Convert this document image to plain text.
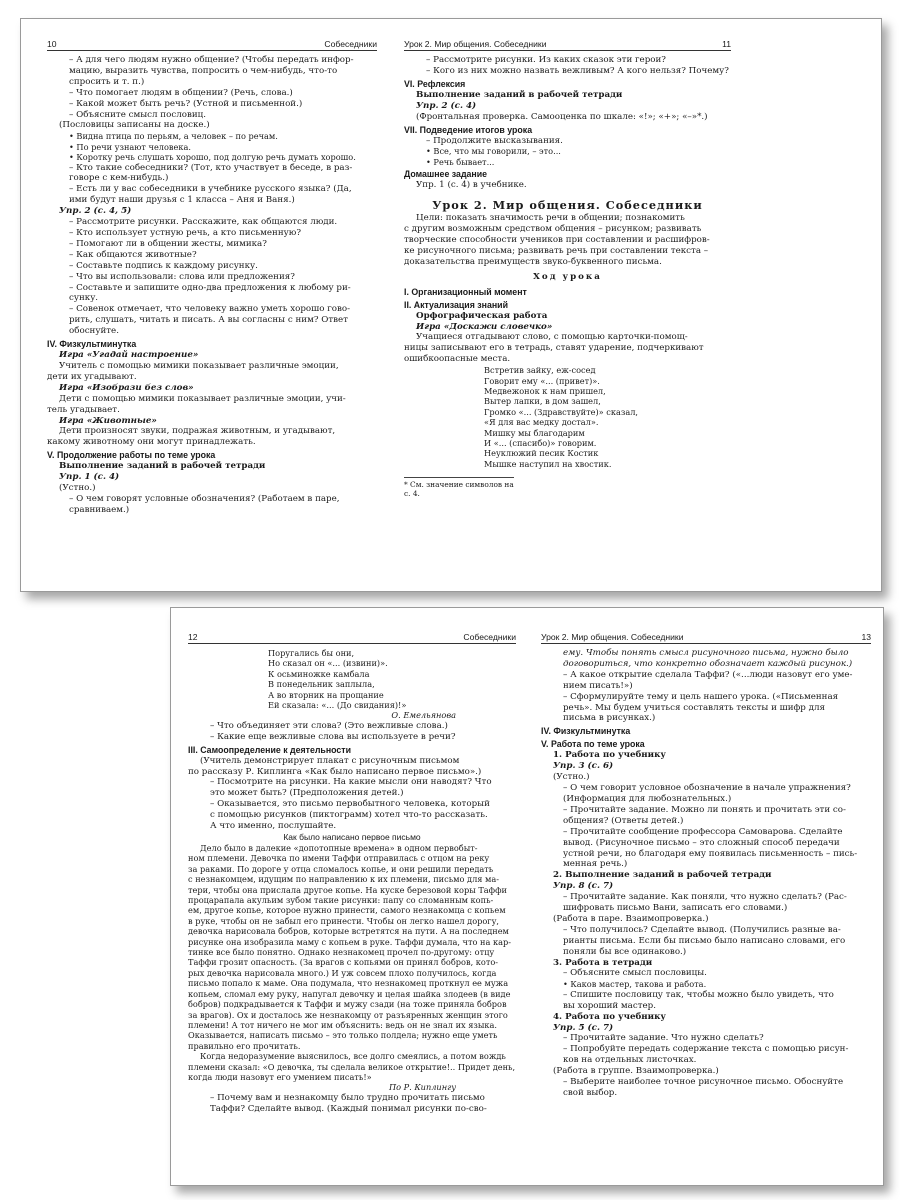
10	Собеседники
– А для чего людям нужно общение? (Чтобы передать инфор-
мацию, выразить чувства, попросить о чем-нибудь, что-то
спросить и т. п.)
– Что помогает людям в общении? (Речь, слова.)
– Какой может быть речь? (Устной и письменной.)
– Объясните смысл пословиц.
(Пословицы записаны на доске.)
• Видна птица по перьям, а человек – по речам.
• По речи узнают человека.
• Коротку речь слушать хорошо, под долгую речь думать хорошо.
– Кто такие собеседники? (Тот, кто участвует в беседе, в раз-
говоре с кем-нибудь.)
– Есть ли у вас собеседники в учебнике русского языка? (Да,
ими будут наши друзья с 1 класса – Аня и Ваня.)
Упр. 2 (с. 4, 5)
– Рассмотрите рисунки. Расскажите, как общаются люди.
– Кто использует устную речь, а кто письменную?
– Помогают ли в общении жесты, мимика?
– Как общаются животные?
– Составьте подпись к каждому рисунку.
– Что вы использовали: слова или предложения?
– Составьте и запишите одно-два предложения к любому ри-
сунку.
– Совенок отмечает, что человеку важно уметь хорошо гово-
рить, слушать, читать и писать. А вы согласны с ним? Ответ
обоснуйте.
IV. Физкультминутка
Игра «Угадай настроение»
Учитель с помощью мимики показывает различные эмоции,
дети их угадывают.
Игра «Изобрази без слов»
Дети с помощью мимики показывает различные эмоции, учи-
тель угадывает.
Игра «Животные»
Дети произносят звуки, подражая животным, и угадывают,
какому животному они могут принадлежать.
V. Продолжение работы по теме урока
Выполнение заданий в рабочей тетради
Упр. 1 (с. 4)
(Устно.)
– О чем говорят условные обозначения? (Работаем в паре,
сравниваем.)
Урок 2. Мир общения. Собеседники	11
– Рассмотрите рисунки. Из каких сказок эти герои?
– Кого из них можно назвать вежливым? А кого нельзя? Почему?
VI. Рефлексия
Выполнение заданий в рабочей тетради
Упр. 2 (с. 4)
(Фронтальная проверка. Самооценка по шкале: «!»; «+»; «–»*.)
VII. Подведение итогов урока
– Продолжите высказывания.
• Все, что мы говорили, – это...
• Речь бывает...
Домашнее задание
Упр. 1 (с. 4) в учебнике.
Урок 2. Мир общения. Собеседники
Цели: показать значимость речи в общении; познакомить
с другим возможным средством общения – рисунком; развивать
творческие способности учеников при составлении и расшифров-
ке рисуночного письма; развивать речь при составлении текста –
доказательства преимуществ звуко-буквенного письма.
Ход урока
I. Организационный момент
II. Актуализация знаний
Орфографическая работа
Игра «Доскажи словечко»
Учащиеся отгадывают слово, с помощью карточки-помощ-
ницы записывают его в тетрадь, ставят ударение, подчеркивают
ошибкоопасные места.
Встретив зайку, еж-сосед
Говорит ему «... (привет)».
Медвежонок к нам пришел,
Вытер лапки, в дом зашел,
Громко «... (Здравствуйте)» сказал,
«Я для вас медку достал».
Мишку мы благодарим
И «... (спасибо)» говорим.
Неуклюжий песик Костик
Мышке наступил на хвостик.
* См. значение символов на с. 4.
12	Собеседники
Поругались бы они,
Но сказал он «... (извини)».
К осьминожке камбала
В понедельник заплыла,
А во вторник на прощание
Ей сказала: «... (До свидания)!»
О. Емельянова
– Что объединяет эти слова? (Это вежливые слова.)
– Какие еще вежливые слова вы используете в речи?
III. Самоопределение к деятельности
(Учитель демонстрирует плакат с рисуночным письмом
по рассказу Р. Киплинга «Как было написано первое письмо».)
– Посмотрите на рисунки. На какие мысли они наводят? Что
это может быть? (Предположения детей.)
– Оказывается, это письмо первобытного человека, который
с помощью рисунков (пиктограмм) хотел что-то рассказать.
А что именно, послушайте.
Как было написано первое письмо
Дело было в далекие «допотопные времена» в одном первобыт-
ном племени. Девочка по имени Таффи отправилась с отцом на реку
за раками. По дороге у отца сломалось копье, и они решили передать
с незнакомцем, идущим по направлению к их племени, письмо для ма-
тери, чтобы она прислала другое копье. На куске березовой коры Таффи
процарапала акульим зубом такие рисунки: папу со сломанным копь-
ем, другое копье, которое нужно принести, самого незнакомца с копьем
в руке, чтобы он не забыл его принести. Чтобы он легко нашел дорогу,
девочка нарисовала бобров, которые встретятся на пути. А на последнем
рисунке она изобразила маму с копьем в руке. Таффи думала, что на кар-
тинке все было понятно. Однако незнакомец прочел по-другому: отцу
Таффи грозит опасность. (За врагов с копьями он принял бобров, кото-
рых девочка нарисовала много.) И уж совсем плохо получилось, когда
письмо попало к маме. Она подумала, что незнакомец проткнул ее мужа
копьем, сломал ему руку, напугал девочку и целая шайка злодеев (в виде
бобров) подкрадывается к Таффи и мужу сзади (на тоже приняла бобров
за врагов). Ох и досталось же незнакомцу от разъяренных женщин этого
племени! А тот ничего не мог им объяснить: ведь он не знал их языка.
Оказывается, написать письмо – это только полдела; нужно еще уметь
правильно его прочитать.
Когда недоразумение выяснилось, все долго смеялись, а потом вождь
племени сказал: «О девочка, ты сделала великое открытие!.. Придет день,
когда люди назовут его умением писать!»
По Р. Киплингу
– Почему вам и незнакомцу было трудно прочитать письмо
Таффи? Сделайте вывод. (Каждый понимал рисунки по-сво-
Урок 2. Мир общения. Собеседники	13
ему. Чтобы понять смысл рисуночного письма, нужно было
договориться, что конкретно обозначает каждый рисунок.)
– А какое открытие сделала Таффи? («...люди назовут его уме-
нием писать!»)
– Сформулируйте тему и цель нашего урока. («Письменная
речь». Мы будем учиться составлять тексты и шифр для
письма в рисунках.)
IV. Физкультминутка
V. Работа по теме урока
1. Работа по учебнику
Упр. 3 (с. 6)
(Устно.)
– О чем говорит условное обозначение в начале упражнения?
(Информация для любознательных.)
– Прочитайте задание. Можно ли понять и прочитать эти со-
общения? (Ответы детей.)
– Прочитайте сообщение профессора Самоварова. Сделайте
вывод. (Рисуночное письмо – это сложный способ передачи
устной речи, но благодаря ему появилась письменность – пись-
менная речь.)
2. Выполнение заданий в рабочей тетради
Упр. 8 (с. 7)
– Прочитайте задание. Как поняли, что нужно сделать? (Рас-
шифровать письмо Вани, записать его словами.)
(Работа в паре. Взаимопроверка.)
– Что получилось? Сделайте вывод. (Получились разные ва-
рианты письма. Если бы письмо было написано словами, его
поняли бы все одинаково.)
3. Работа в тетради
– Объясните смысл пословицы.
• Каков мастер, такова и работа.
– Спишите пословицу так, чтобы можно было увидеть, что
вы хороший мастер.
4. Работа по учебнику
Упр. 5 (с. 7)
– Прочитайте задание. Что нужно сделать?
– Попробуйте передать содержание текста с помощью рисун-
ков на отдельных листочках.
(Работа в группе. Взаимопроверка.)
– Выберите наиболее точное рисуночное письмо. Обоснуйте
свой выбор.
